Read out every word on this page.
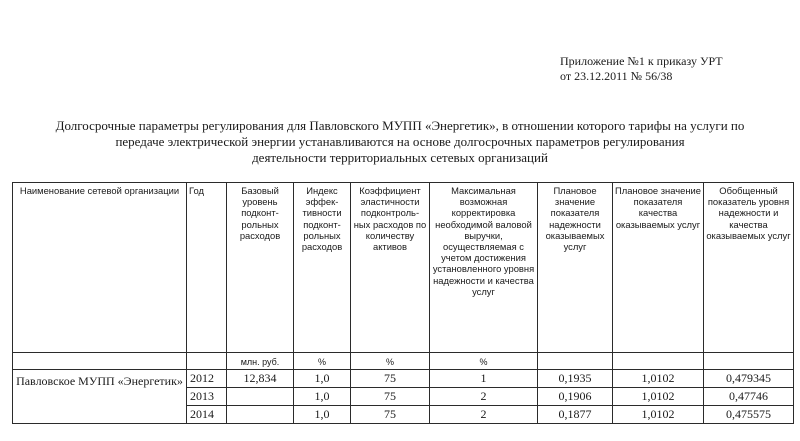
Приложение №1 к приказу УРТ
от 23.12.2011 № 56/38
Долгосрочные параметры регулирования для Павловского МУПП «Энергетик», в отношении которого тарифы на услуги по
передаче электрической энергии устанавливаются на основе долгосрочных параметров регулирования
деятельности территориальных сетевых организаций
Наименование сетевой организации	Год	Базовый уровень подконт-рольных расходов	Индекс эффек-тивности подконт-рольных расходов	Коэффициент эластичности подконтроль-ных расходов по количеству активов	Максимальная возможная корректировка необходимой валовой выручки, осуществляемая с учетом достижения установленного уровня надежности и качества услуг	Плановое значение показателя надежности оказываемых услуг	Плановое значение показателя качества оказываемых услуг	Обобщенный показатель уровня надежности и качества оказываемых услуг
		млн. руб.	%	%	%			
Павловское МУПП «Энергетик»	2012	12,834	1,0	75	1	0,1935	1,0102	0,479345
	2013		1,0	75	2	0,1906	1,0102	0,47746
	2014		1,0	75	2	0,1877	1,0102	0,475575
